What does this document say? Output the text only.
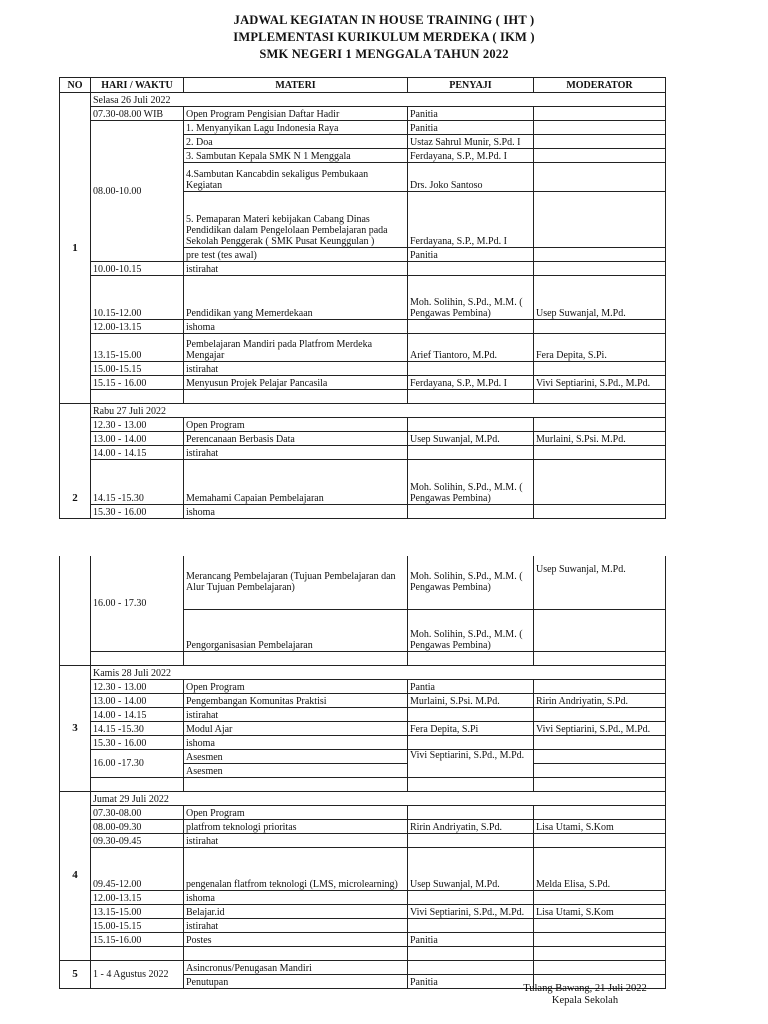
JADWAL KEGIATAN IN HOUSE TRAINING ( IHT )
IMPLEMENTASI KURIKULUM MERDEKA ( IKM )
SMK NEGERI 1 MENGGALA TAHUN 2022
NO	HARI / WAKTU	MATERI	PENYAJI	MODERATOR
1	Selasa 26 Juli 2022			
	07.30-08.00 WIB	Open Program Pengisian Daftar Hadir	Panitia	
	08.00-10.00	1. Menyanyikan Lagu Indonesia Raya	Panitia	
		2. Doa	Ustaz Sahrul Munir, S.Pd. I	
		3. Sambutan Kepala SMK N 1 Menggala	Ferdayana, S.P., M.Pd. I	
		4.Sambutan Kancabdin sekaligus Pembukaan Kegiatan	Drs. Joko Santoso	
		5. Pemaparan Materi kebijakan Cabang Dinas Pendidikan dalam Pengelolaan Pembelajaran pada Sekolah Penggerak ( SMK Pusat Keunggulan )	Ferdayana, S.P., M.Pd. I	
		pre test (tes awal)	Panitia	
	10.00-10.15	istirahat		
	10.15-12.00	Pendidikan yang Memerdekaan	Moh. Solihin, S.Pd., M.M. ( Pengawas Pembina)	Usep Suwanjal, M.Pd.
	12.00-13.15	ishoma		
	13.15-15.00	Pembelajaran Mandiri pada Platfrom Merdeka Mengajar	Arief Tiantoro, M.Pd.	Fera Depita, S.Pi.
	15.00-15.15	istirahat		
	15.15 - 16.00	Menyusun Projek Pelajar Pancasila	Ferdayana, S.P., M.Pd. I	Vivi Septiarini, S.Pd., M.Pd.

2	Rabu 27 Juli 2022			
	12.30 - 13.00	Open Program		
	13.00 - 14.00	Perencanaan Berbasis Data	Usep Suwanjal, M.Pd.	Murlaini, S.Psi. M.Pd.
	14.00 - 14.15	istirahat		
	14.15 -15.30	Memahami Capaian Pembelajaran	Moh. Solihin, S.Pd., M.M. ( Pengawas Pembina)	
	15.30 - 16.00	ishoma		
	16.00 - 17.30	Merancang Pembelajaran (Tujuan Pembelajaran dan Alur Tujuan Pembelajaran)	Moh. Solihin, S.Pd., M.M. ( Pengawas Pembina)	Usep Suwanjal, M.Pd.
		Pengorganisasian Pembelajaran	Moh. Solihin, S.Pd., M.M. ( Pengawas Pembina)	

3	Kamis 28 Juli 2022			
	12.30 - 13.00	Open Program	Pantia	
	13.00 - 14.00	Pengembangan Komunitas Praktisi	Murlaini, S.Psi. M.Pd.	Ririn Andriyatin, S.Pd.
	14.00 - 14.15	istirahat		
	14.15 -15.30	Modul Ajar	Fera Depita, S.Pi	Vivi Septiarini, S.Pd., M.Pd.
	15.30 - 16.00	ishoma		
	16.00 -17.30	Asesmen	Vivi Septiarini, S.Pd., M.Pd.	
		Asesmen		

4	Jumat 29 Juli 2022			
	07.30-08.00	Open Program		
	08.00-09.30	platfrom teknologi prioritas	Ririn Andriyatin, S.Pd.	Lisa Utami, S.Kom
	09.30-09.45	istirahat		
	09.45-12.00	pengenalan flatfrom teknologi (LMS, microlearning)	Usep Suwanjal, M.Pd.	Melda Elisa, S.Pd.
	12.00-13.15	ishoma		
	13.15-15.00	Belajar.id	Vivi Septiarini, S.Pd., M.Pd.	Lisa Utami, S.Kom
	15.00-15.15	istirahat		
	15.15-16.00	Postes	Panitia	

5	1 - 4 Agustus 2022	Asincronus/Penugasan Mandiri		
		Penutupan	Panitia	
Tulang Bawang, 21 Juli 2022
Kepala Sekolah
